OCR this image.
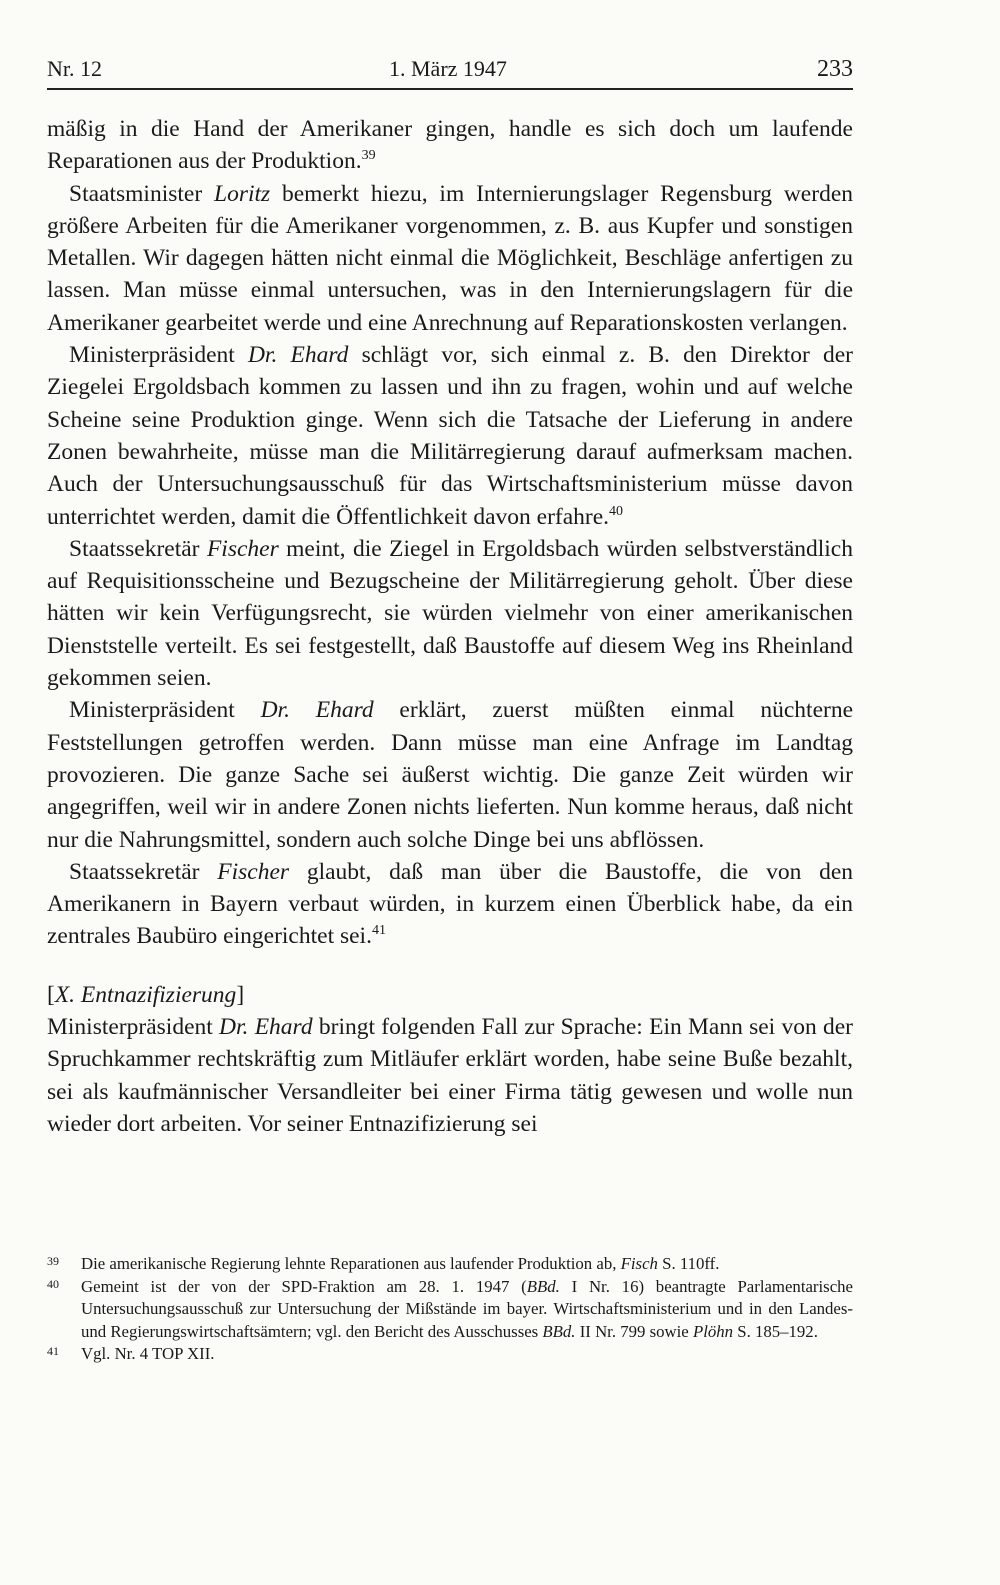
Nr. 12	1. März 1947	233

mäßig in die Hand der Amerikaner gingen, handle es sich doch um laufende Reparationen aus der Produktion.$^{39}$

Staatsminister Loritz bemerkt hiezu, im Internierungslager Regensburg werden größere Arbeiten für die Amerikaner vorgenommen, z. B. aus Kupfer und sonstigen Metallen. Wir dagegen hätten nicht einmal die Möglichkeit, Beschläge anfertigen zu lassen. Man müsse einmal untersuchen, was in den Internierungslagern für die Amerikaner gearbeitet werde und eine Anrechnung auf Reparationskosten verlangen.

Ministerpräsident Dr. Ehard schlägt vor, sich einmal z. B. den Direktor der Ziegelei Ergoldsbach kommen zu lassen und ihn zu fragen, wohin und auf welche Scheine seine Produktion ginge. Wenn sich die Tatsache der Lieferung in andere Zonen bewahrheite, müsse man die Militärregierung darauf aufmerksam machen. Auch der Untersuchungsausschuß für das Wirtschaftsministerium müsse davon unterrichtet werden, damit die Öffentlichkeit davon erfahre.$^{40}$

Staatssekretär Fischer meint, die Ziegel in Ergoldsbach würden selbstverständlich auf Requisitionsscheine und Bezugscheine der Militärregierung geholt. Über diese hätten wir kein Verfügungsrecht, sie würden vielmehr von einer amerikanischen Dienststelle verteilt. Es sei festgestellt, daß Baustoffe auf diesem Weg ins Rheinland gekommen seien.

Ministerpräsident Dr. Ehard erklärt, zuerst müßten einmal nüchterne Feststellungen getroffen werden. Dann müsse man eine Anfrage im Landtag provozieren. Die ganze Sache sei äußerst wichtig. Die ganze Zeit würden wir angegriffen, weil wir in andere Zonen nichts lieferten. Nun komme heraus, daß nicht nur die Nahrungsmittel, sondern auch solche Dinge bei uns abflössen.

Staatssekretär Fischer glaubt, daß man über die Baustoffe, die von den Amerikanern in Bayern verbaut würden, in kurzem einen Überblick habe, da ein zentrales Baubüro eingerichtet sei.$^{41}$

[X. Entnazifizierung]

Ministerpräsident Dr. Ehard bringt folgenden Fall zur Sprache: Ein Mann sei von der Spruchkammer rechtskräftig zum Mitläufer erklärt worden, habe seine Buße bezahlt, sei als kaufmännischer Versandleiter bei einer Firma tätig gewesen und wolle nun wieder dort arbeiten. Vor seiner Entnazifizierung sei

39 Die amerikanische Regierung lehnte Reparationen aus laufender Produktion ab, Fisch S. 110ff.
40 Gemeint ist der von der SPD-Fraktion am 28. 1. 1947 (BBd. I Nr. 16) beantragte Parlamentarische Untersuchungsausschuß zur Untersuchung der Mißstände im bayer. Wirtschaftsministerium und in den Landes- und Regierungswirtschaftsämtern; vgl. den Bericht des Ausschusses BBd. II Nr. 799 sowie Plöhn S. 185–192.
41 Vgl. Nr. 4 TOP XII.
